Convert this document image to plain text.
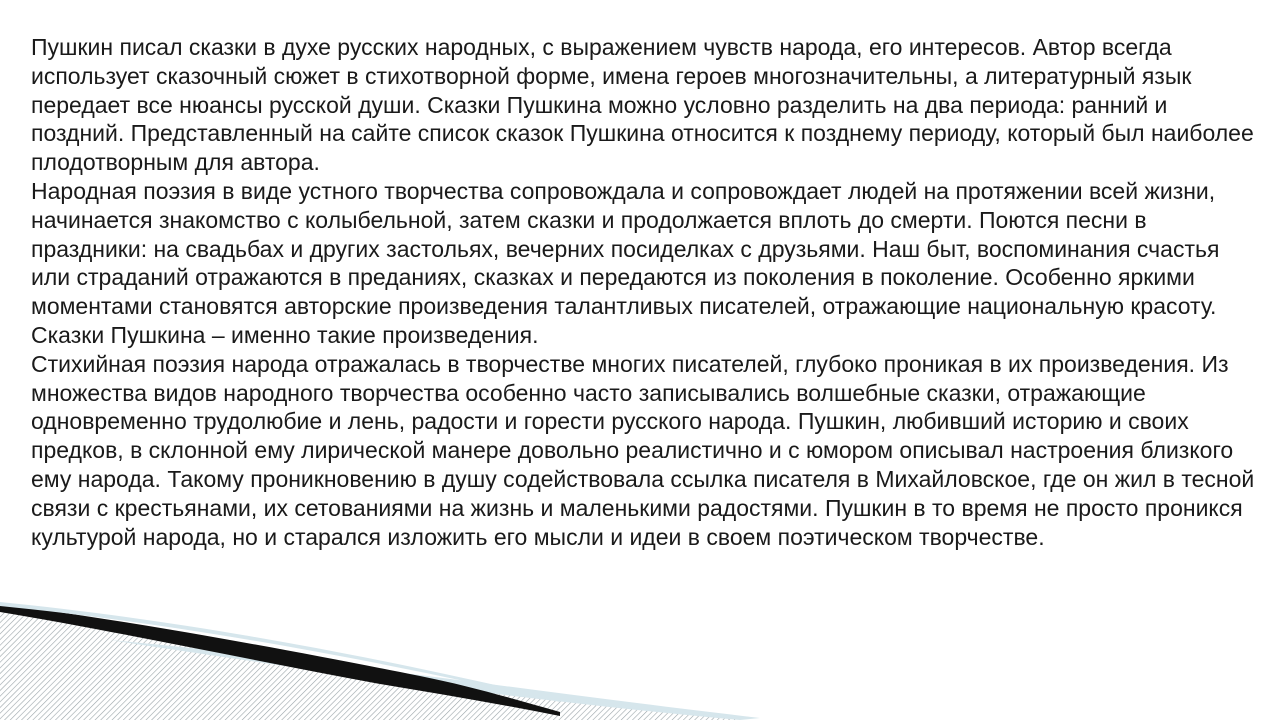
Пушкин писал сказки в духе русских народных, с выражением чувств народа, его интересов. Автор всегда использует сказочный сюжет в стихотворной форме, имена героев многозначительны, а литературный язык передает все нюансы русской души. Сказки Пушкина можно условно разделить на два периода: ранний и поздний. Представленный на сайте список сказок Пушкина относится к позднему периоду, который был наиболее плодотворным для автора.

Народная поэзия в виде устного творчества сопровождала и сопровождает людей на протяжении всей жизни, начинается знакомство с колыбельной, затем сказки и продолжается вплоть до смерти. Поются песни в праздники: на свадьбах и других застольях, вечерних посиделках с друзьями. Наш быт, воспоминания счастья или страданий отражаются в преданиях, сказках и передаются из поколения в поколение. Особенно яркими моментами становятся авторские произведения талантливых писателей, отражающие национальную красоту. Сказки Пушкина – именно такие произведения.

Стихийная поэзия народа отражалась в творчестве многих писателей, глубоко проникая в их произведения. Из множества видов народного творчества особенно часто записывались волшебные сказки, отражающие одновременно трудолюбие и лень, радости и горести русского народа. Пушкин, любивший историю и своих предков, в склонной ему лирической манере довольно реалистично и с юмором описывал настроения близкого ему народа. Такому проникновению в душу содействовала ссылка писателя в Михайловское, где он жил в тесной связи с крестьянами, их сетованиями на жизнь и маленькими радостями. Пушкин в то время не просто проникся культурой народа, но и старался изложить его мысли и идеи в своем поэтическом творчестве.
